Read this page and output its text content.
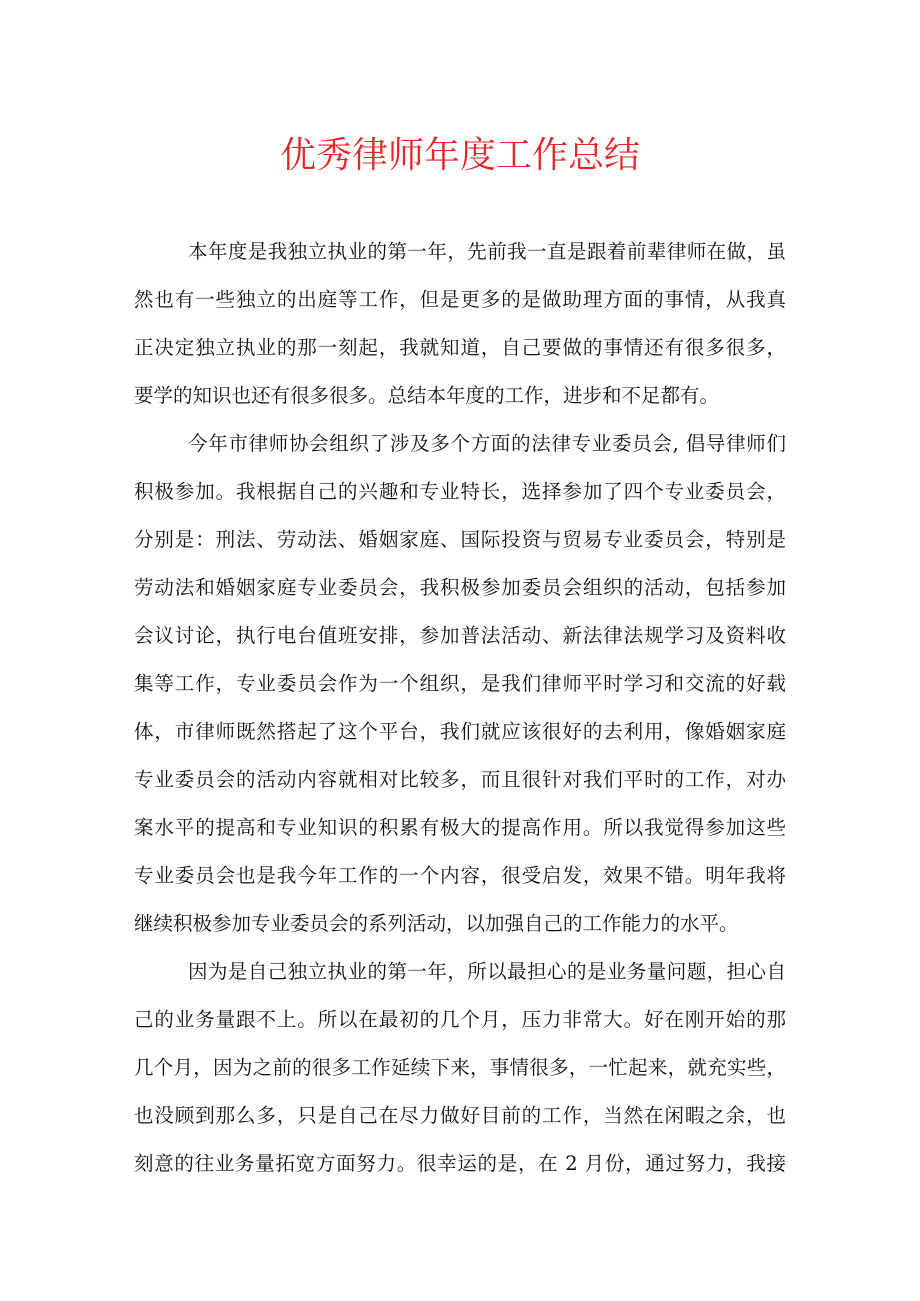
优秀律师年度工作总结

本年度是我独立执业的第一年，先前我一直是跟着前辈律师在做，虽

然也有一些独立的出庭等工作，但是更多的是做助理方面的事情，从我真

正决定独立执业的那一刻起，我就知道，自己要做的事情还有很多很多，

要学的知识也还有很多很多。总结本年度的工作，进步和不足都有。

今年市律师协会组织了涉及多个方面的法律专业委员会, 倡导律师们

积极参加。我根据自己的兴趣和专业特长，选择参加了四个专业委员会，

分别是：刑法、劳动法、婚姻家庭、国际投资与贸易专业委员会，特别是

劳动法和婚姻家庭专业委员会，我积极参加委员会组织的活动，包括参加

会议讨论，执行电台值班安排，参加普法活动、新法律法规学习及资料收

集等工作，专业委员会作为一个组织，是我们律师平时学习和交流的好载

体，市律师既然搭起了这个平台，我们就应该很好的去利用，像婚姻家庭

专业委员会的活动内容就相对比较多，而且很针对我们平时的工作，对办

案水平的提高和专业知识的积累有极大的提高作用。所以我觉得参加这些

专业委员会也是我今年工作的一个内容，很受启发，效果不错。明年我将

继续积极参加专业委员会的系列活动，以加强自己的工作能力的水平。

因为是自己独立执业的第一年，所以最担心的是业务量问题，担心自

己的业务量跟不上。所以在最初的几个月，压力非常大。好在刚开始的那

几个月，因为之前的很多工作延续下来，事情很多，一忙起来，就充实些，

也没顾到那么多，只是自己在尽力做好目前的工作，当然在闲暇之余，也

刻意的往业务量拓宽方面努力。很幸运的是，在 2 月份，通过努力，我接
